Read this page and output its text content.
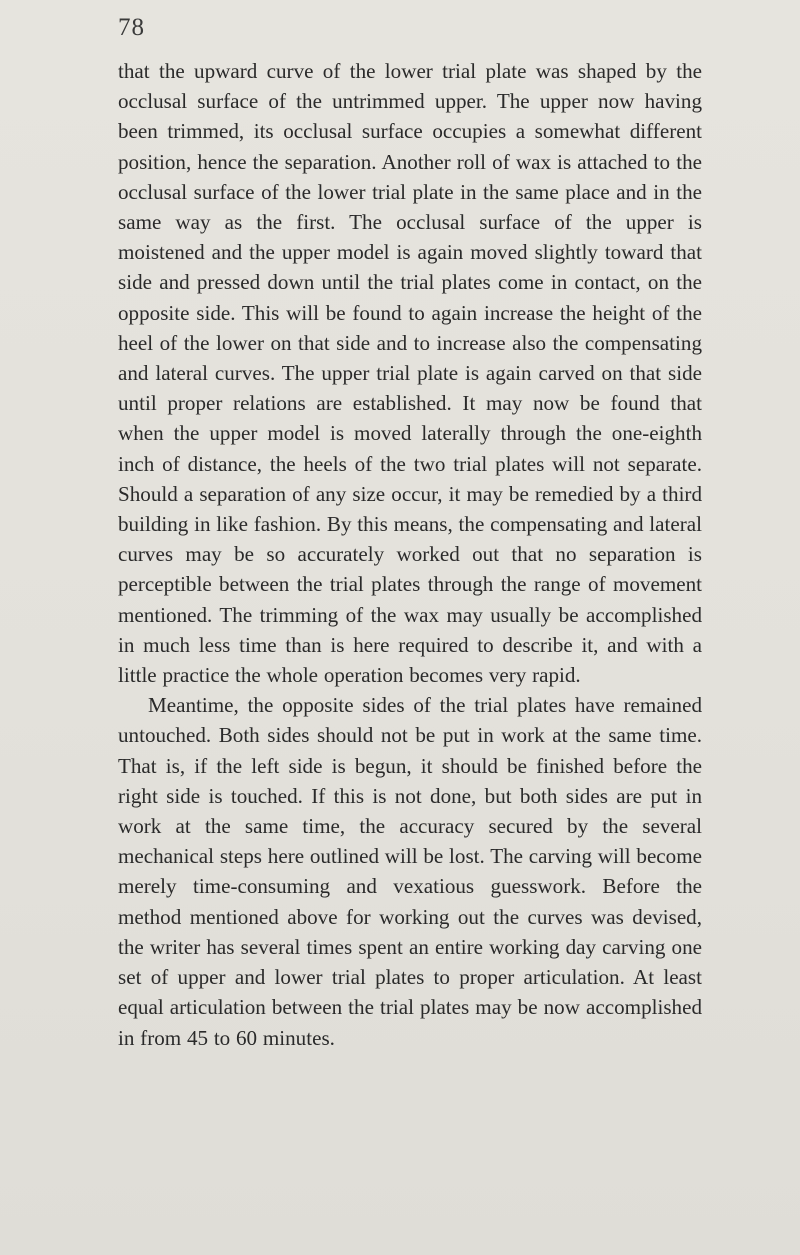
78

that the upward curve of the lower trial plate was shaped by the occlusal surface of the untrimmed upper. The upper now having been trimmed, its occlusal surface occupies a somewhat different position, hence the separation. Another roll of wax is attached to the occlusal surface of the lower trial plate in the same place and in the same way as the first. The occlusal surface of the upper is moistened and the upper model is again moved slightly toward that side and pressed down until the trial plates come in contact, on the opposite side. This will be found to again increase the height of the heel of the lower on that side and to increase also the compensating and lateral curves. The upper trial plate is again carved on that side until proper relations are established. It may now be found that when the upper model is moved laterally through the one-eighth inch of distance, the heels of the two trial plates will not separate. Should a separation of any size occur, it may be remedied by a third building in like fashion. By this means, the compensating and lateral curves may be so accurately worked out that no separation is perceptible between the trial plates through the range of movement mentioned. The trimming of the wax may usually be accomplished in much less time than is here required to describe it, and with a little practice the whole operation becomes very rapid.

Meantime, the opposite sides of the trial plates have remained untouched. Both sides should not be put in work at the same time. That is, if the left side is begun, it should be finished before the right side is touched. If this is not done, but both sides are put in work at the same time, the accuracy secured by the several mechanical steps here outlined will be lost. The carving will become merely time-consuming and vexatious guesswork. Before the method mentioned above for working out the curves was devised, the writer has several times spent an entire working day carving one set of upper and lower trial plates to proper articulation. At least equal articulation between the trial plates may be now accomplished in from 45 to 60 minutes.
